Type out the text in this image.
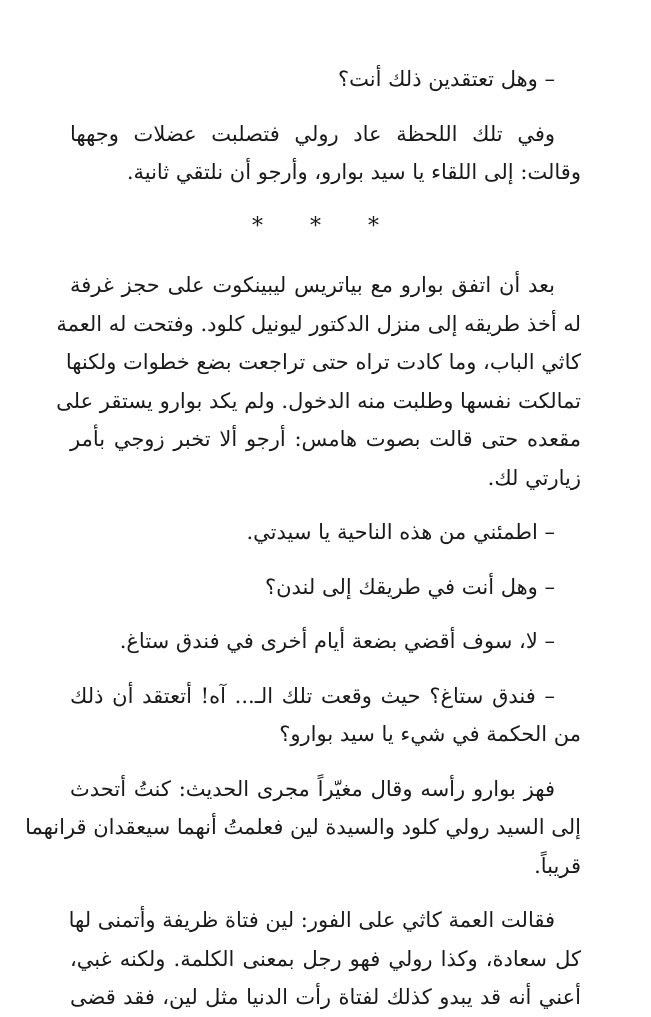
– وهل تعتقدين ذلك أنت؟

وفي تلك اللحظة عاد رولي فتصلبت عضلات وجهها
وقالت: إلى اللقاء يا سيد بوارو، وأرجو أن نلتقي ثانية.

* * *

بعد أن اتفق بوارو مع بياتريس ليبينكوت على حجز غرفة
له أخذ طريقه إلى منزل الدكتور ليونيل كلود. وفتحت له العمة
كاثي الباب، وما كادت تراه حتى تراجعت بضع خطوات ولكنها
تمالكت نفسها وطلبت منه الدخول. ولم يكد بوارو يستقر على
مقعده حتى قالت بصوت هامس: أرجو ألا تخبر زوجي بأمر
زيارتي لك.

– اطمئني من هذه الناحية يا سيدتي.

– وهل أنت في طريقك إلى لندن؟

– لا، سوف أقضي بضعة أيام أخرى في فندق ستاغ.

– فندق ستاغ؟ حيث وقعت تلك الـ... آه! أتعتقد أن ذلك
من الحكمة في شيء يا سيد بوارو؟

فهز بوارو رأسه وقال مغيّراً مجرى الحديث: كنتُ أتحدث
إلى السيد رولي كلود والسيدة لين فعلمتُ أنهما سيعقدان قرانهما
قريباً.

فقالت العمة كاثي على الفور: لين فتاة ظريفة وأتمنى لها
كل سعادة، وكذا رولي فهو رجل بمعنى الكلمة. ولكنه غبي،
أعني أنه قد يبدو كذلك لفتاة رأت الدنيا مثل لين، فقد قضى
